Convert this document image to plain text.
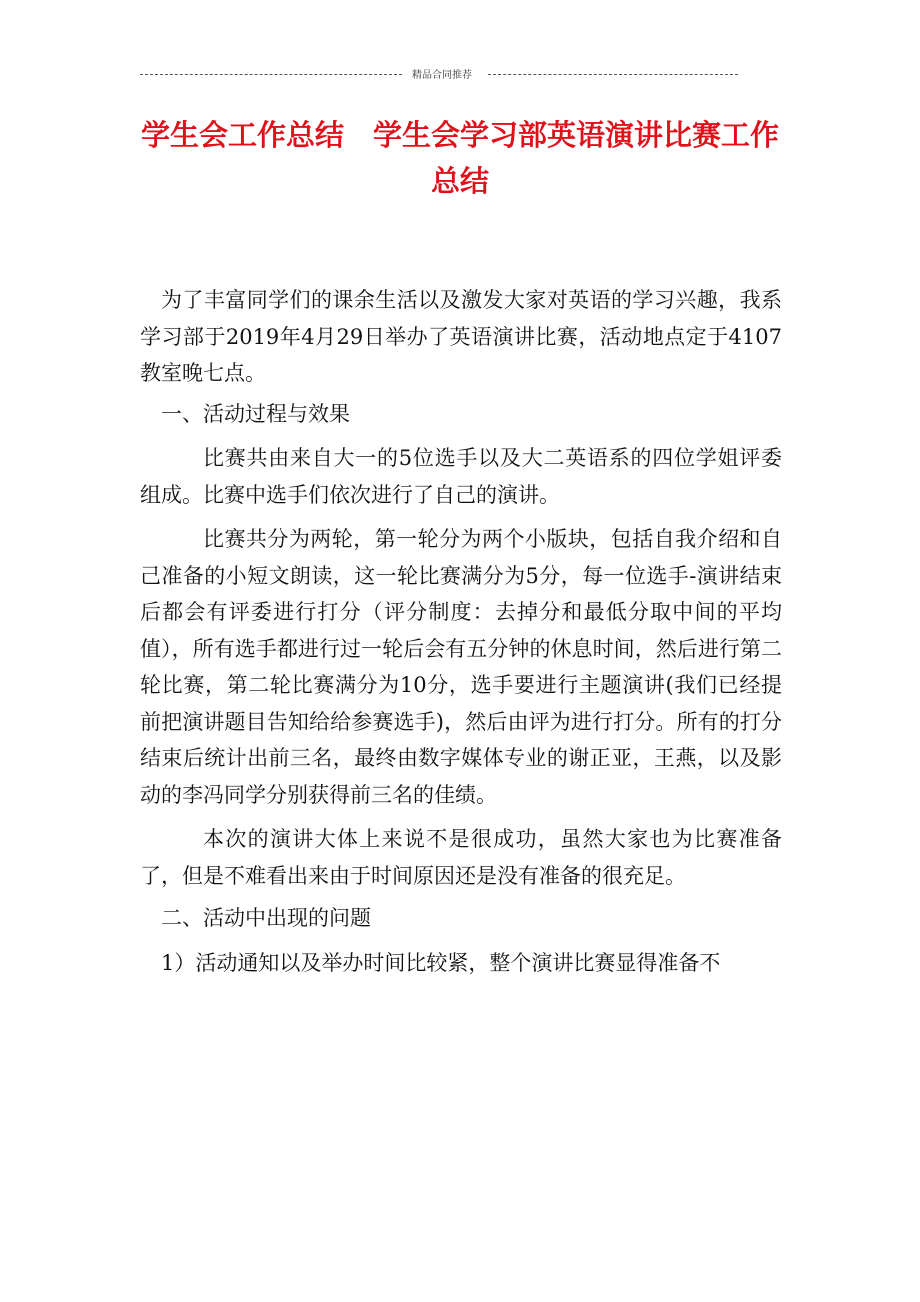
精品合同推荐
学生会工作总结　学生会学习部英语演讲比赛工作总结

为了丰富同学们的课余生活以及激发大家对英语的学习兴趣，我系学习部于2019年4月29日举办了英语演讲比赛，活动地点定于4107教室晚七点。

一、活动过程与效果

比赛共由来自大一的5位选手以及大二英语系的四位学姐评委组成。比赛中选手们依次进行了自己的演讲。

比赛共分为两轮，第一轮分为两个小版块，包括自我介绍和自己准备的小短文朗读，这一轮比赛满分为5分，每一位选手-演讲结束后都会有评委进行打分（评分制度：去掉分和最低分取中间的平均值），所有选手都进行过一轮后会有五分钟的休息时间，然后进行第二轮比赛，第二轮比赛满分为10分，选手要进行主题演讲(我们已经提前把演讲题目告知给给参赛选手)，然后由评为进行打分。所有的打分结束后统计出前三名，最终由数字媒体专业的谢正亚，王燕，以及影动的李冯同学分别获得前三名的佳绩。

本次的演讲大体上来说不是很成功，虽然大家也为比赛准备了，但是不难看出来由于时间原因还是没有准备的很充足。

二、活动中出现的问题

1）活动通知以及举办时间比较紧，整个演讲比赛显得准备不
